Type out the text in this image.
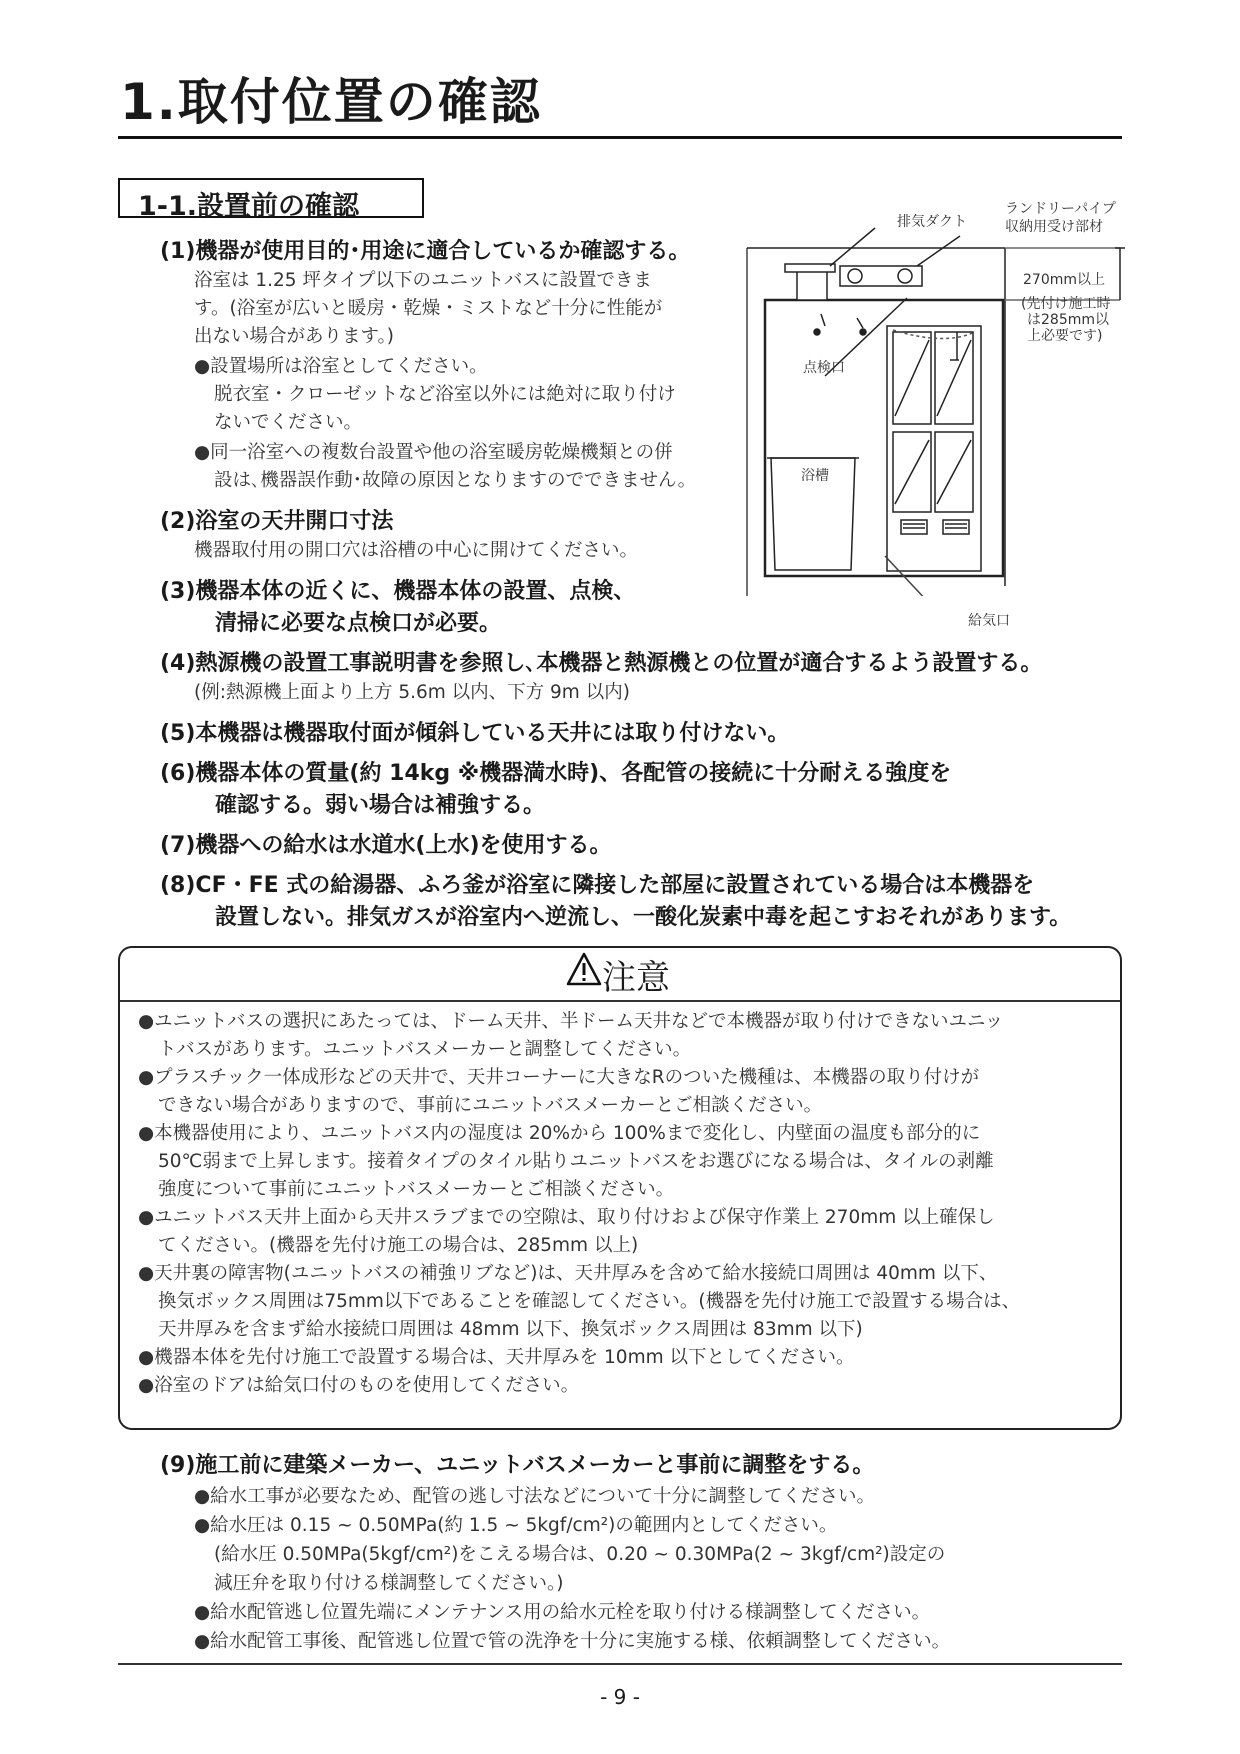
1.取付位置の確認
1-1.設置前の確認
(1)機器が使用目的･用途に適合しているか確認する。
浴室は 1.25 坪タイプ以下のユニットバスに設置できま
す。(浴室が広いと暖房・乾燥・ミストなど十分に性能が
出ない場合があります。)
●設置場所は浴室としてください。
脱衣室・クローゼットなど浴室以外には絶対に取り付け
ないでください。
●同一浴室への複数台設置や他の浴室暖房乾燥機類との併
設は､機器誤作動･故障の原因となりますのでできません。
(2)浴室の天井開口寸法
機器取付用の開口穴は浴槽の中心に開けてください。
(3)機器本体の近くに、機器本体の設置、点検、
清掃に必要な点検口が必要。
(4)熱源機の設置工事説明書を参照し､本機器と熱源機との位置が適合するよう設置する。
(例:熱源機上面より上方 5.6m 以内、下方 9m 以内)
(5)本機器は機器取付面が傾斜している天井には取り付けない。
(6)機器本体の質量(約 14kg ※機器満水時)、各配管の接続に十分耐える強度を
確認する。弱い場合は補強する。
(7)機器への給水は水道水(上水)を使用する。
(8)CF・FE 式の給湯器、ふろ釜が浴室に隣接した部屋に設置されている場合は本機器を
設置しない。排気ガスが浴室内へ逆流し、一酸化炭素中毒を起こすおそれがあります。
排気ダクト
ランドリーパイプ
収納用受け部材
270mm以上
(先付け施工時
は285mm以
上必要です)
点検口
浴槽
給気口
注意
●ユニットバスの選択にあたっては、ドーム天井、半ドーム天井などで本機器が取り付けできないユニッ
トバスがあります。ユニットバスメーカーと調整してください。
●プラスチック一体成形などの天井で、天井コーナーに大きなRのついた機種は、本機器の取り付けが
できない場合がありますので、事前にユニットバスメーカーとご相談ください。
●本機器使用により、ユニットバス内の湿度は 20%から 100%まで変化し、内壁面の温度も部分的に
50℃弱まで上昇します。接着タイプのタイル貼りユニットバスをお選びになる場合は、タイルの剥離
強度について事前にユニットバスメーカーとご相談ください。
●ユニットバス天井上面から天井スラブまでの空隙は、取り付けおよび保守作業上 270mm 以上確保し
てください。(機器を先付け施工の場合は、285mm 以上)
●天井裏の障害物(ユニットバスの補強リブなど)は、天井厚みを含めて給水接続口周囲は 40mm 以下、
換気ボックス周囲は75mm以下であることを確認してください。(機器を先付け施工で設置する場合は、
天井厚みを含まず給水接続口周囲は 48mm 以下、換気ボックス周囲は 83mm 以下)
●機器本体を先付け施工で設置する場合は、天井厚みを 10mm 以下としてください。
●浴室のドアは給気口付のものを使用してください。
(9)施工前に建築メーカー、ユニットバスメーカーと事前に調整をする。
●給水工事が必要なため、配管の逃し寸法などについて十分に調整してください。
●給水圧は 0.15 ~ 0.50MPa(約 1.5 ~ 5kgf/cm²)の範囲内としてください。
(給水圧 0.50MPa(5kgf/cm²)をこえる場合は、0.20 ~ 0.30MPa(2 ~ 3kgf/cm²)設定の
減圧弁を取り付ける様調整してください。)
●給水配管逃し位置先端にメンテナンス用の給水元栓を取り付ける様調整してください。
●給水配管工事後、配管逃し位置で管の洗浄を十分に実施する様、依頼調整してください。
- 9 -
